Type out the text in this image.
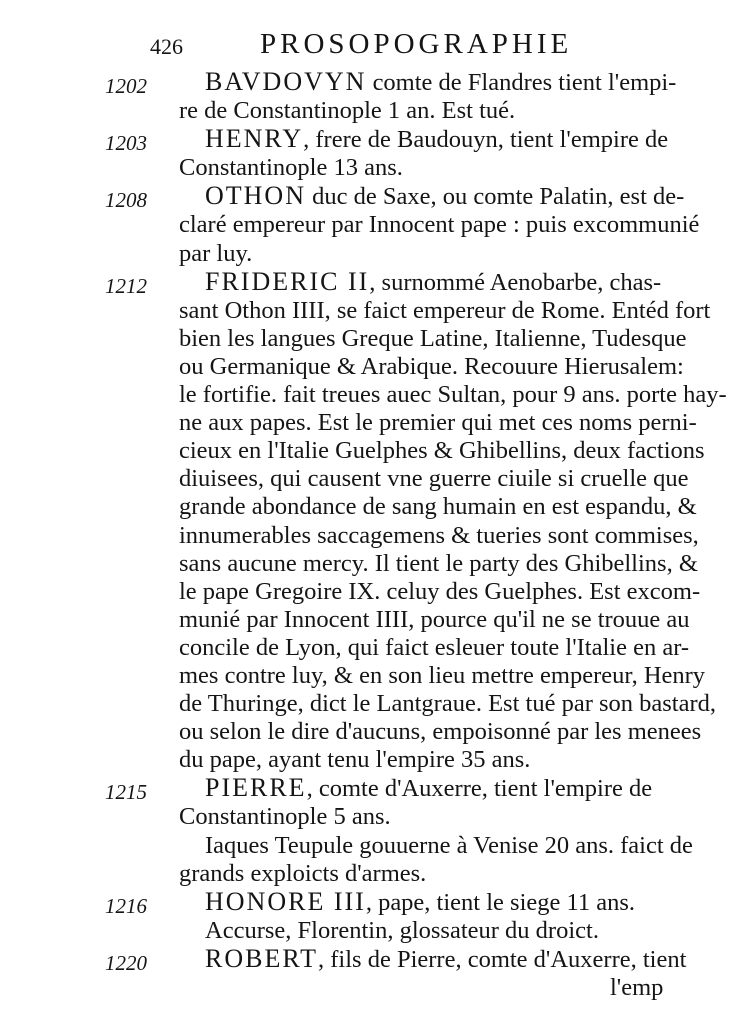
426	PROSOPOGRAPHIE
1202	BAVDOVYN comte de Flandres tient l'empi-
re de Constantinople 1 an. Est tué.
1203	HENRY, frere de Baudouyn, tient l'empire de
Constantinople 13 ans.
1208	OTHON duc de Saxe, ou comte Palatin, est de-
claré empereur par Innocent pape : puis excommunié
par luy.
1212	FRIDERIC II, surnommé Aenobarbe, chas-
sant Othon IIII, se faict empereur de Rome. Entéd fort
bien les langues Greque Latine, Italienne, Tudesque
ou Germanique & Arabique. Recouure Hierusalem:
le fortifie. fait treues auec Sultan, pour 9 ans. porte hay-
ne aux papes. Est le premier qui met ces noms perni-
cieux en l'Italie Guelphes & Ghibellins, deux factions
diuisees, qui causent vne guerre ciuile si cruelle que
grande abondance de sang humain en est espandu, &
innumerables saccagemens & tueries sont commises,
sans aucune mercy. Il tient le party des Ghibellins, &
le pape Gregoire IX. celuy des Guelphes. Est excom-
munié par Innocent IIII, pource qu'il ne se trouue au
concile de Lyon, qui faict esleuer toute l'Italie en ar-
mes contre luy, & en son lieu mettre empereur, Henry
de Thuringe, dict le Lantgraue. Est tué par son bastard,
ou selon le dire d'aucuns, empoisonné par les menees
du pape, ayant tenu l'empire 35 ans.
1215	PIERRE, comte d'Auxerre, tient l'empire de
Constantinople 5 ans.
Iaques Teupule gouuerne à Venise 20 ans. faict de
grands exploicts d'armes.
1216	HONORE III, pape, tient le siege 11 ans.
Accurse, Florentin, glossateur du droict.
1220	ROBERT, fils de Pierre, comte d'Auxerre, tient
l'emp
